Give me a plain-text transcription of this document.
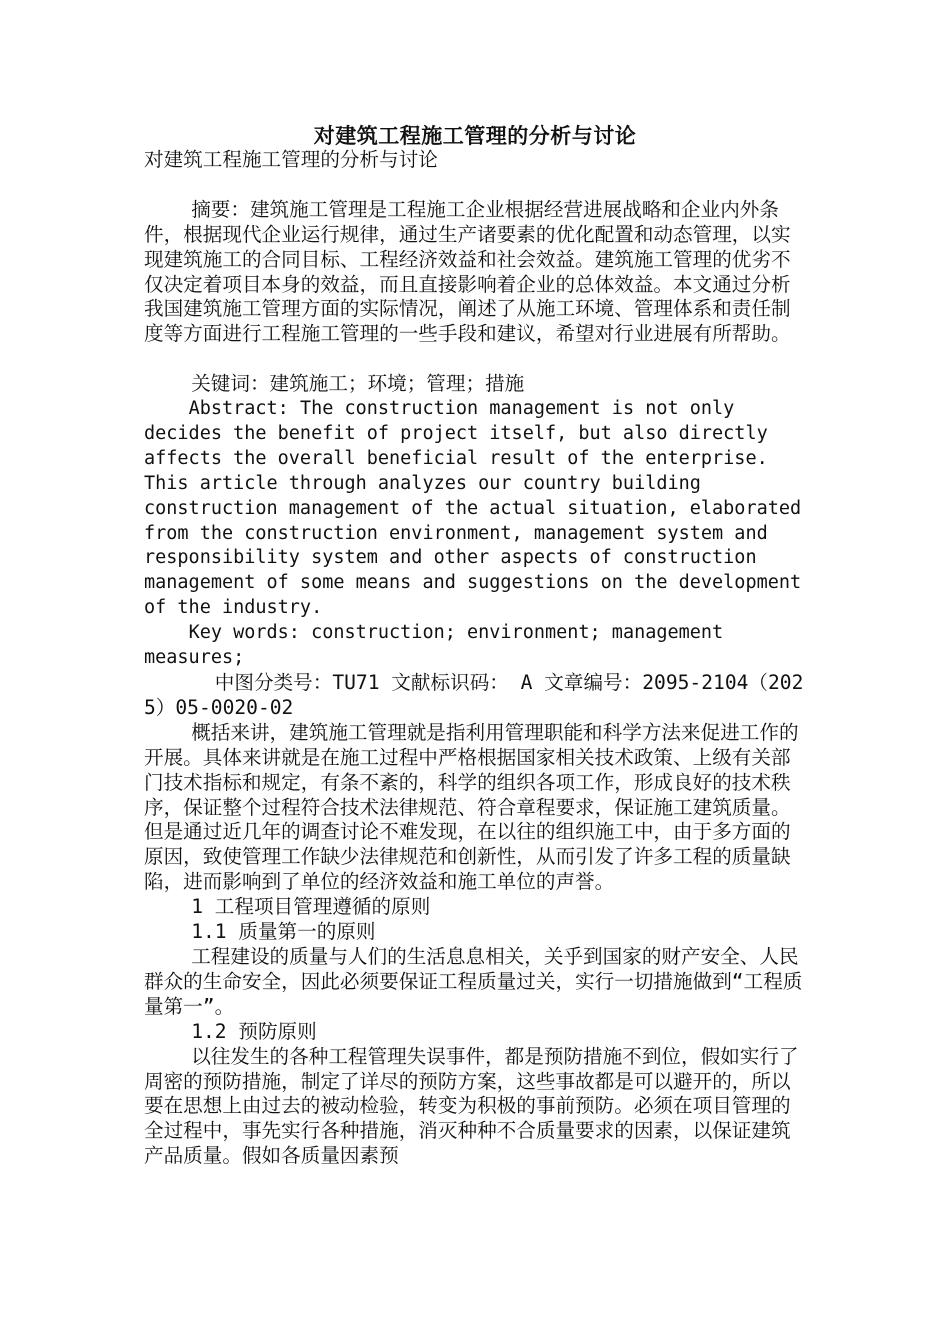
对建筑工程施工管理的分析与讨论

对建筑工程施工管理的分析与讨论

摘要：建筑施工管理是工程施工企业根据经营进展战略和企业内外条件，根据现代企业运行规律，通过生产诸要素的优化配置和动态管理，以实现建筑施工的合同目标、工程经济效益和社会效益。建筑施工管理的优劣不仅决定着项目本身的效益，而且直接影响着企业的总体效益。本文通过分析我国建筑施工管理方面的实际情况，阐述了从施工环境、管理体系和责任制度等方面进行工程施工管理的一些手段和建议，希望对行业进展有所帮助。

关键词：建筑施工；环境；管理；措施

Abstract: The construction management is not only decides the benefit of project itself, but also directly affects the overall beneficial result of the enterprise. This article through analyzes our country building construction management of the actual situation, elaborated from the construction environment, management system and responsibility system and other aspects of construction management of some means and suggestions on the development of the industry.

Key words: construction; environment; management measures;

中图分类号：TU71 文献标识码： A 文章编号：2095-2104（2025）05-0020-02

概括来讲，建筑施工管理就是指利用管理职能和科学方法来促进工作的开展。具体来讲就是在施工过程中严格根据国家相关技术政策、上级有关部门技术指标和规定，有条不紊的，科学的组织各项工作，形成良好的技术秩序，保证整个过程符合技术法律规范、符合章程要求，保证施工建筑质量。但是通过近几年的调查讨论不难发现，在以往的组织施工中，由于多方面的原因，致使管理工作缺少法律规范和创新性，从而引发了许多工程的质量缺陷，进而影响到了单位的经济效益和施工单位的声誉。

1 工程项目管理遵循的原则

1.1 质量第一的原则

工程建设的质量与人们的生活息息相关，关乎到国家的财产安全、人民群众的生命安全，因此必须要保证工程质量过关，实行一切措施做到“工程质量第一”。

1.2 预防原则

以往发生的各种工程管理失误事件，都是预防措施不到位，假如实行了周密的预防措施，制定了详尽的预防方案，这些事故都是可以避开的，所以要在思想上由过去的被动检验，转变为积极的事前预防。必须在项目管理的全过程中，事先实行各种措施，消灭种种不合质量要求的因素，以保证建筑产品质量。假如各质量因素预
